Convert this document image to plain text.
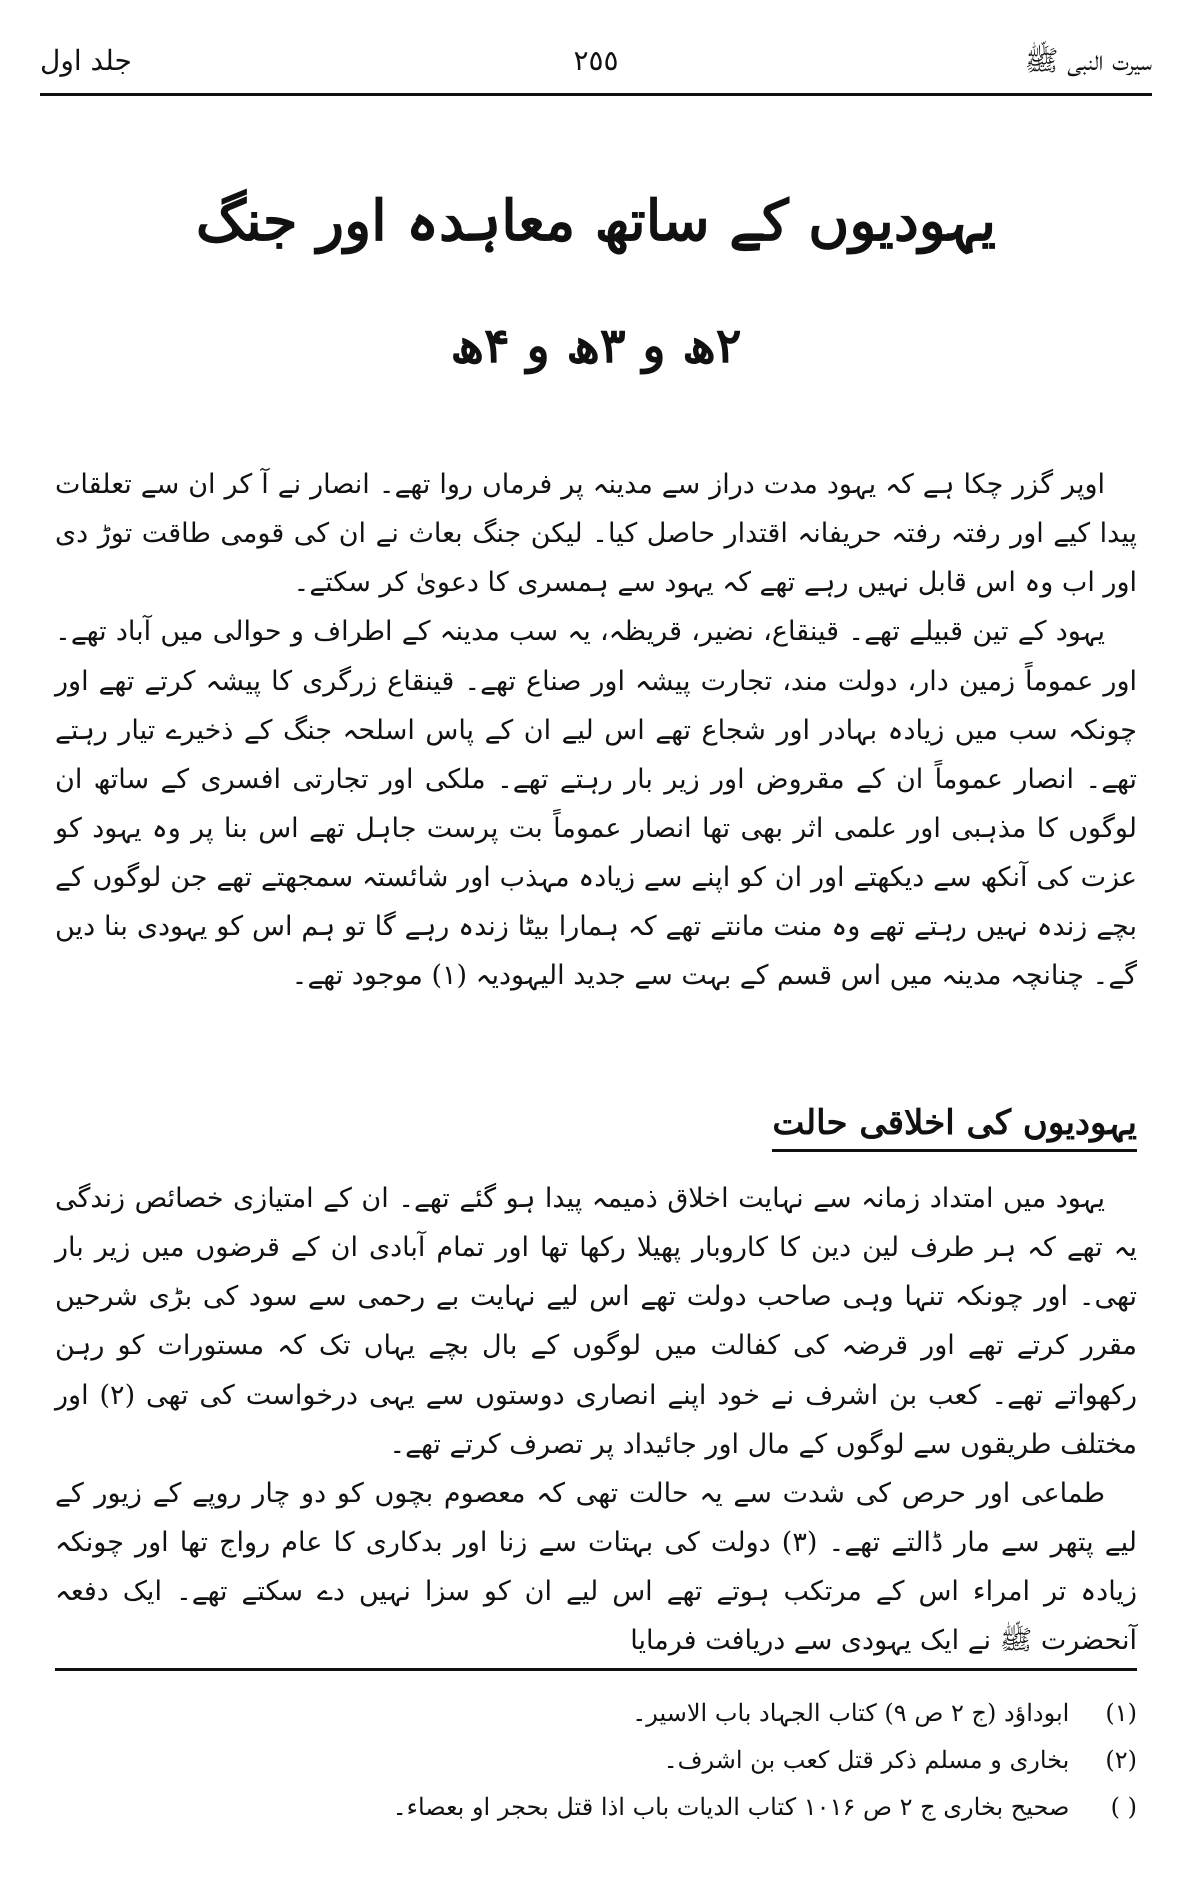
سیرت النبی ﷺ
٢٥٥
جلد اول
یہودیوں کے ساتھ معاہدہ اور جنگ
۲ھ و ۳ھ و ۴ھ

اوپر گزر چکا ہے کہ یہود مدت دراز سے مدینہ پر فرماں روا تھے۔ انصار نے آ کر ان سے تعلقات پیدا کیے اور رفتہ رفتہ حریفانہ اقتدار حاصل کیا۔ لیکن جنگ بعاث نے ان کی قومی طاقت توڑ دی اور اب وہ اس قابل نہیں رہے تھے کہ یہود سے ہمسری کا دعویٰ کر سکتے۔

یہود کے تین قبیلے تھے۔ قینقاع، نضیر، قریظہ، یہ سب مدینہ کے اطراف و حوالی میں آباد تھے۔ اور عموماً زمین دار، دولت مند، تجارت پیشہ اور صناع تھے۔ قینقاع زرگری کا پیشہ کرتے تھے اور چونکہ سب میں زیادہ بہادر اور شجاع تھے اس لیے ان کے پاس اسلحہ جنگ کے ذخیرے تیار رہتے تھے۔ انصار عموماً ان کے مقروض اور زیر بار رہتے تھے۔ ملکی اور تجارتی افسری کے ساتھ ان لوگوں کا مذہبی اور علمی اثر بھی تھا انصار عموماً بت پرست جاہل تھے اس بنا پر وہ یہود کو عزت کی آنکھ سے دیکھتے اور ان کو اپنے سے زیادہ مہذب اور شائستہ سمجھتے تھے جن لوگوں کے بچے زندہ نہیں رہتے تھے وہ منت مانتے تھے کہ ہمارا بیٹا زندہ رہے گا تو ہم اس کو یہودی بنا دیں گے۔ چنانچہ مدینہ میں اس قسم کے بہت سے جدید الیہودیہ (۱) موجود تھے۔

یہودیوں کی اخلاقی حالت

یہود میں امتداد زمانہ سے نہایت اخلاق ذمیمہ پیدا ہو گئے تھے۔ ان کے امتیازی خصائص زندگی یہ تھے کہ ہر طرف لین دین کا کاروبار پھیلا رکھا تھا اور تمام آبادی ان کے قرضوں میں زیر بار تھی۔ اور چونکہ تنہا وہی صاحب دولت تھے اس لیے نہایت بے رحمی سے سود کی بڑی شرحیں مقرر کرتے تھے اور قرضہ کی کفالت میں لوگوں کے بال بچے یہاں تک کہ مستورات کو رہن رکھواتے تھے۔ کعب بن اشرف نے خود اپنے انصاری دوستوں سے یہی درخواست کی تھی (۲) اور مختلف طریقوں سے لوگوں کے مال اور جائیداد پر تصرف کرتے تھے۔

طماعی اور حرص کی شدت سے یہ حالت تھی کہ معصوم بچوں کو دو چار روپے کے زیور کے لیے پتھر سے مار ڈالتے تھے۔ (۳) دولت کی بہتات سے زنا اور بدکاری کا عام رواج تھا اور چونکہ زیادہ تر امراء اس کے مرتکب ہوتے تھے اس لیے ان کو سزا نہیں دے سکتے تھے۔ ایک دفعہ آنحضرت ﷺ نے ایک یہودی سے دریافت فرمایا

(۱) ابوداؤد (ج ۲ ص ۹) کتاب الجہاد باب الاسیر۔
(۲) بخاری و مسلم ذکر قتل کعب بن اشرف۔
( ) صحیح بخاری ج ۲ ص ۱۰۱۶ کتاب الدیات باب اذا قتل بحجر او بعصاء۔
